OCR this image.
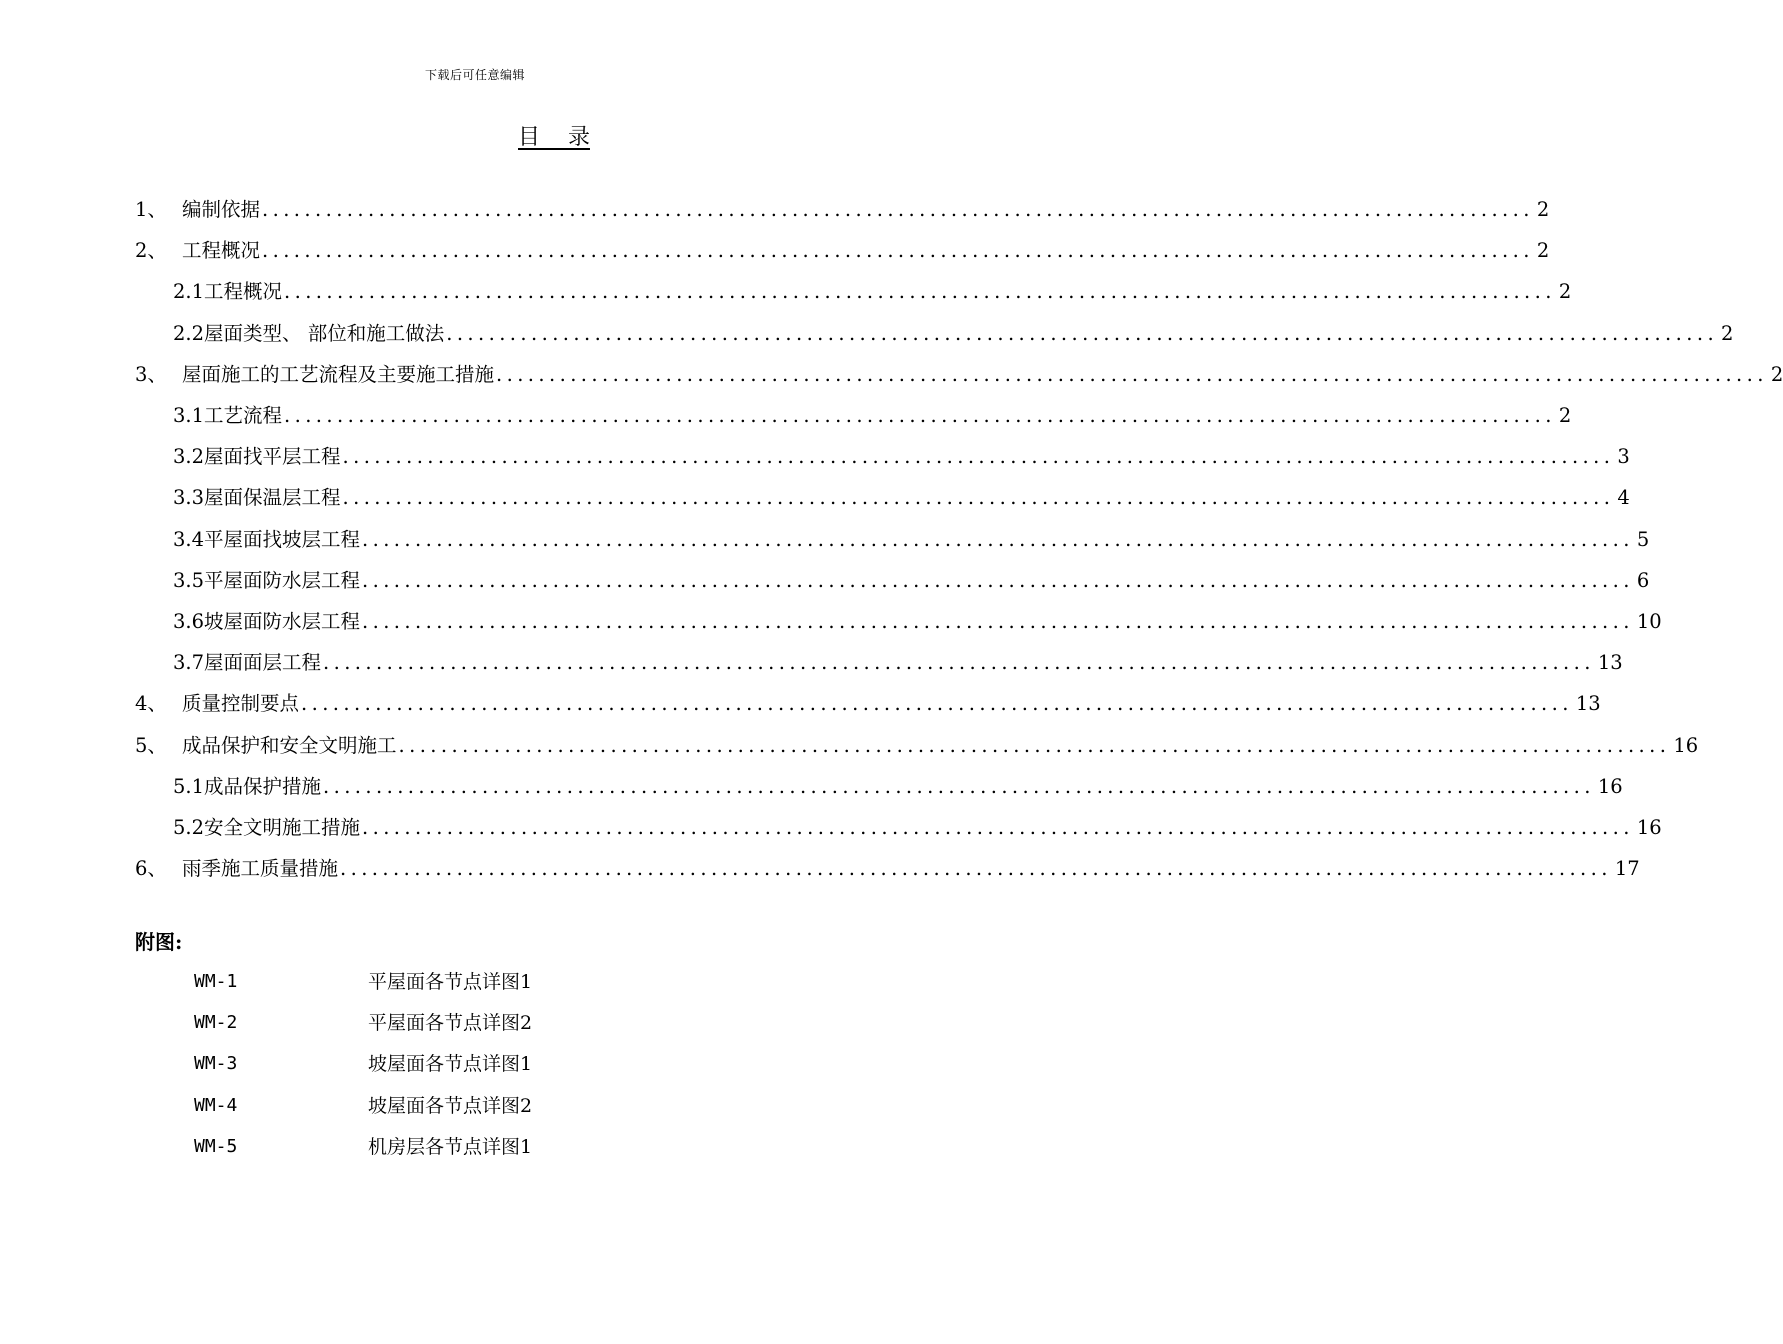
下载后可任意编辑
目    录
1、 编制依据 ........................................................................................................................ 2
2、 工程概况 ........................................................................................................................ 2
2.1工程概况 ........................................................................................................................ 2
2.2屋面类型、 部位和施工做法 ........................................................................................................................ 2
3、 屋面施工的工艺流程及主要施工措施 ........................................................................................................................ 2
3.1工艺流程 ........................................................................................................................ 2
3.2屋面找平层工程 ........................................................................................................................ 3
3.3屋面保温层工程 ........................................................................................................................ 4
3.4平屋面找坡层工程 ........................................................................................................................ 5
3.5平屋面防水层工程 ........................................................................................................................ 6
3.6坡屋面防水层工程 ........................................................................................................................ 10
3.7屋面面层工程 ........................................................................................................................ 13
4、 质量控制要点 ........................................................................................................................ 13
5、 成品保护和安全文明施工 ........................................................................................................................ 16
5.1成品保护措施 ........................................................................................................................ 16
5.2安全文明施工措施 ........................................................................................................................ 16
6、 雨季施工质量措施 ........................................................................................................................ 17
附图:
WM-1	平屋面各节点详图1
WM-2	平屋面各节点详图2
WM-3	坡屋面各节点详图1
WM-4	坡屋面各节点详图2
WM-5	机房层各节点详图1
